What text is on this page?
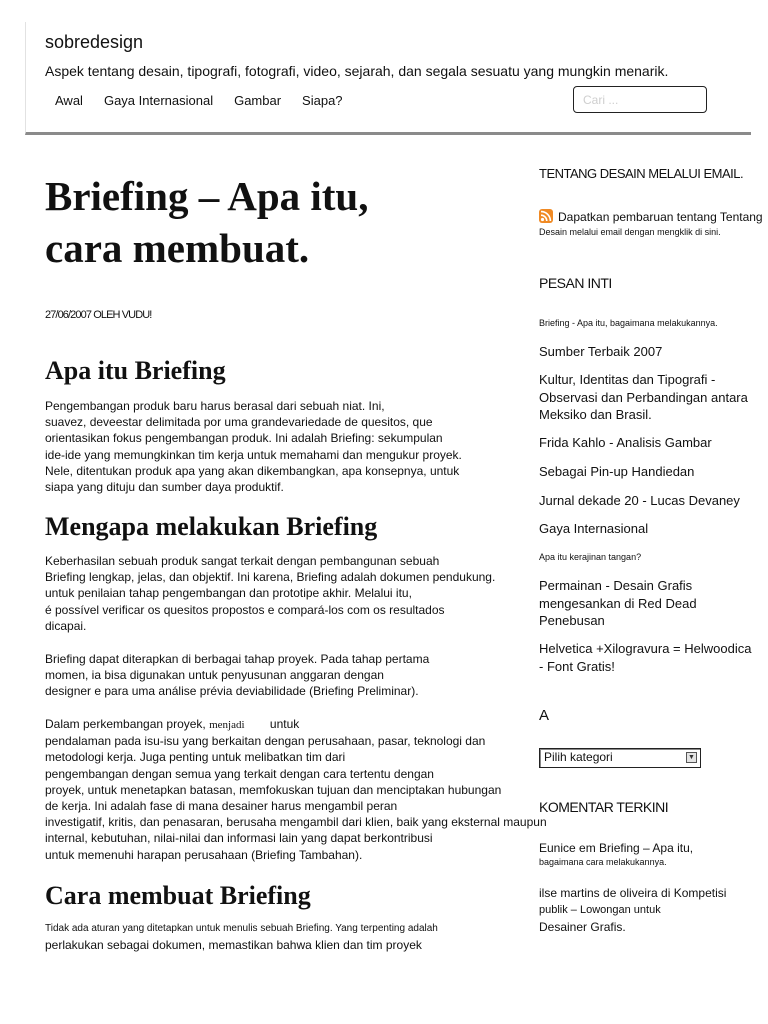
sobredesign
Aspek tentang desain, tipografi, fotografi, video, sejarah, dan segala sesuatu yang mungkin menarik.
Awal Gaya Internasional Gambar Siapa?
Cari ...
Briefing – Apa itu,
cara membuat.
27/06/2007 OLEH VUDU!
Apa itu Briefing
Pengembangan produk baru harus berasal dari sebuah niat. Ini,
suavez, deveestar delimitada por uma grandevariedade de quesitos, que
orientasikan fokus pengembangan produk. Ini adalah Briefing: sekumpulan
ide-ide yang memungkinkan tim kerja untuk memahami dan mengukur proyek.
Nele, ditentukan produk apa yang akan dikembangkan, apa konsepnya, untuk
siapa yang dituju dan sumber daya produktif.
Mengapa melakukan Briefing
Keberhasilan sebuah produk sangat terkait dengan pembangunan sebuah
Briefing lengkap, jelas, dan objektif. Ini karena, Briefing adalah dokumen pendukung.
untuk penilaian tahap pengembangan dan prototipe akhir. Melalui itu,
é possível verificar os quesitos propostos e compará-los com os resultados
dicapai.
Briefing dapat diterapkan di berbagai tahap proyek. Pada tahap pertama
momen, ia bisa digunakan untuk penyusunan anggaran dengan
designer e para uma análise prévia deviabilidade (Briefing Preliminar).
Dalam perkembangan proyek, menjadi untuk
pendalaman pada isu-isu yang berkaitan dengan perusahaan, pasar, teknologi dan
metodologi kerja. Juga penting untuk melibatkan tim dari
pengembangan dengan semua yang terkait dengan cara tertentu dengan
proyek, untuk menetapkan batasan, memfokuskan tujuan dan menciptakan hubungan
de kerja. Ini adalah fase di mana desainer harus mengambil peran
investigatif, kritis, dan penasaran, berusaha mengambil dari klien, baik yang eksternal maupun
internal, kebutuhan, nilai-nilai dan informasi lain yang dapat berkontribusi
untuk memenuhi harapan perusahaan (Briefing Tambahan).
Cara membuat Briefing
Tidak ada aturan yang ditetapkan untuk menulis sebuah Briefing. Yang terpenting adalah
perlakukan sebagai dokumen, memastikan bahwa klien dan tim proyek
TENTANG DESAIN MELALUI EMAIL.
Dapatkan pembaruan tentang Tentang
Desain melalui email dengan mengklik di sini.
PESAN INTI
Briefing - Apa itu, bagaimana melakukannya.
Sumber Terbaik 2007
Kultur, Identitas dan Tipografi -
Observasi dan Perbandingan antara
Meksiko dan Brasil.
Frida Kahlo - Analisis Gambar
Sebagai Pin-up Handiedan
Jurnal dekade 20 - Lucas Devaney
Gaya Internasional
Apa itu kerajinan tangan?
Permainan - Desain Grafis
mengesankan di Red Dead
Penebusan
Helvetica +Xilogravura = Helwoodica
- Font Gratis!
A
Pilih kategori	▼
KOMENTAR TERKINI
Eunice em Briefing – Apa itu,
bagaimana cara melakukannya.
ilse martins de oliveira di Kompetisi
publik – Lowongan untuk
Desainer Grafis.
